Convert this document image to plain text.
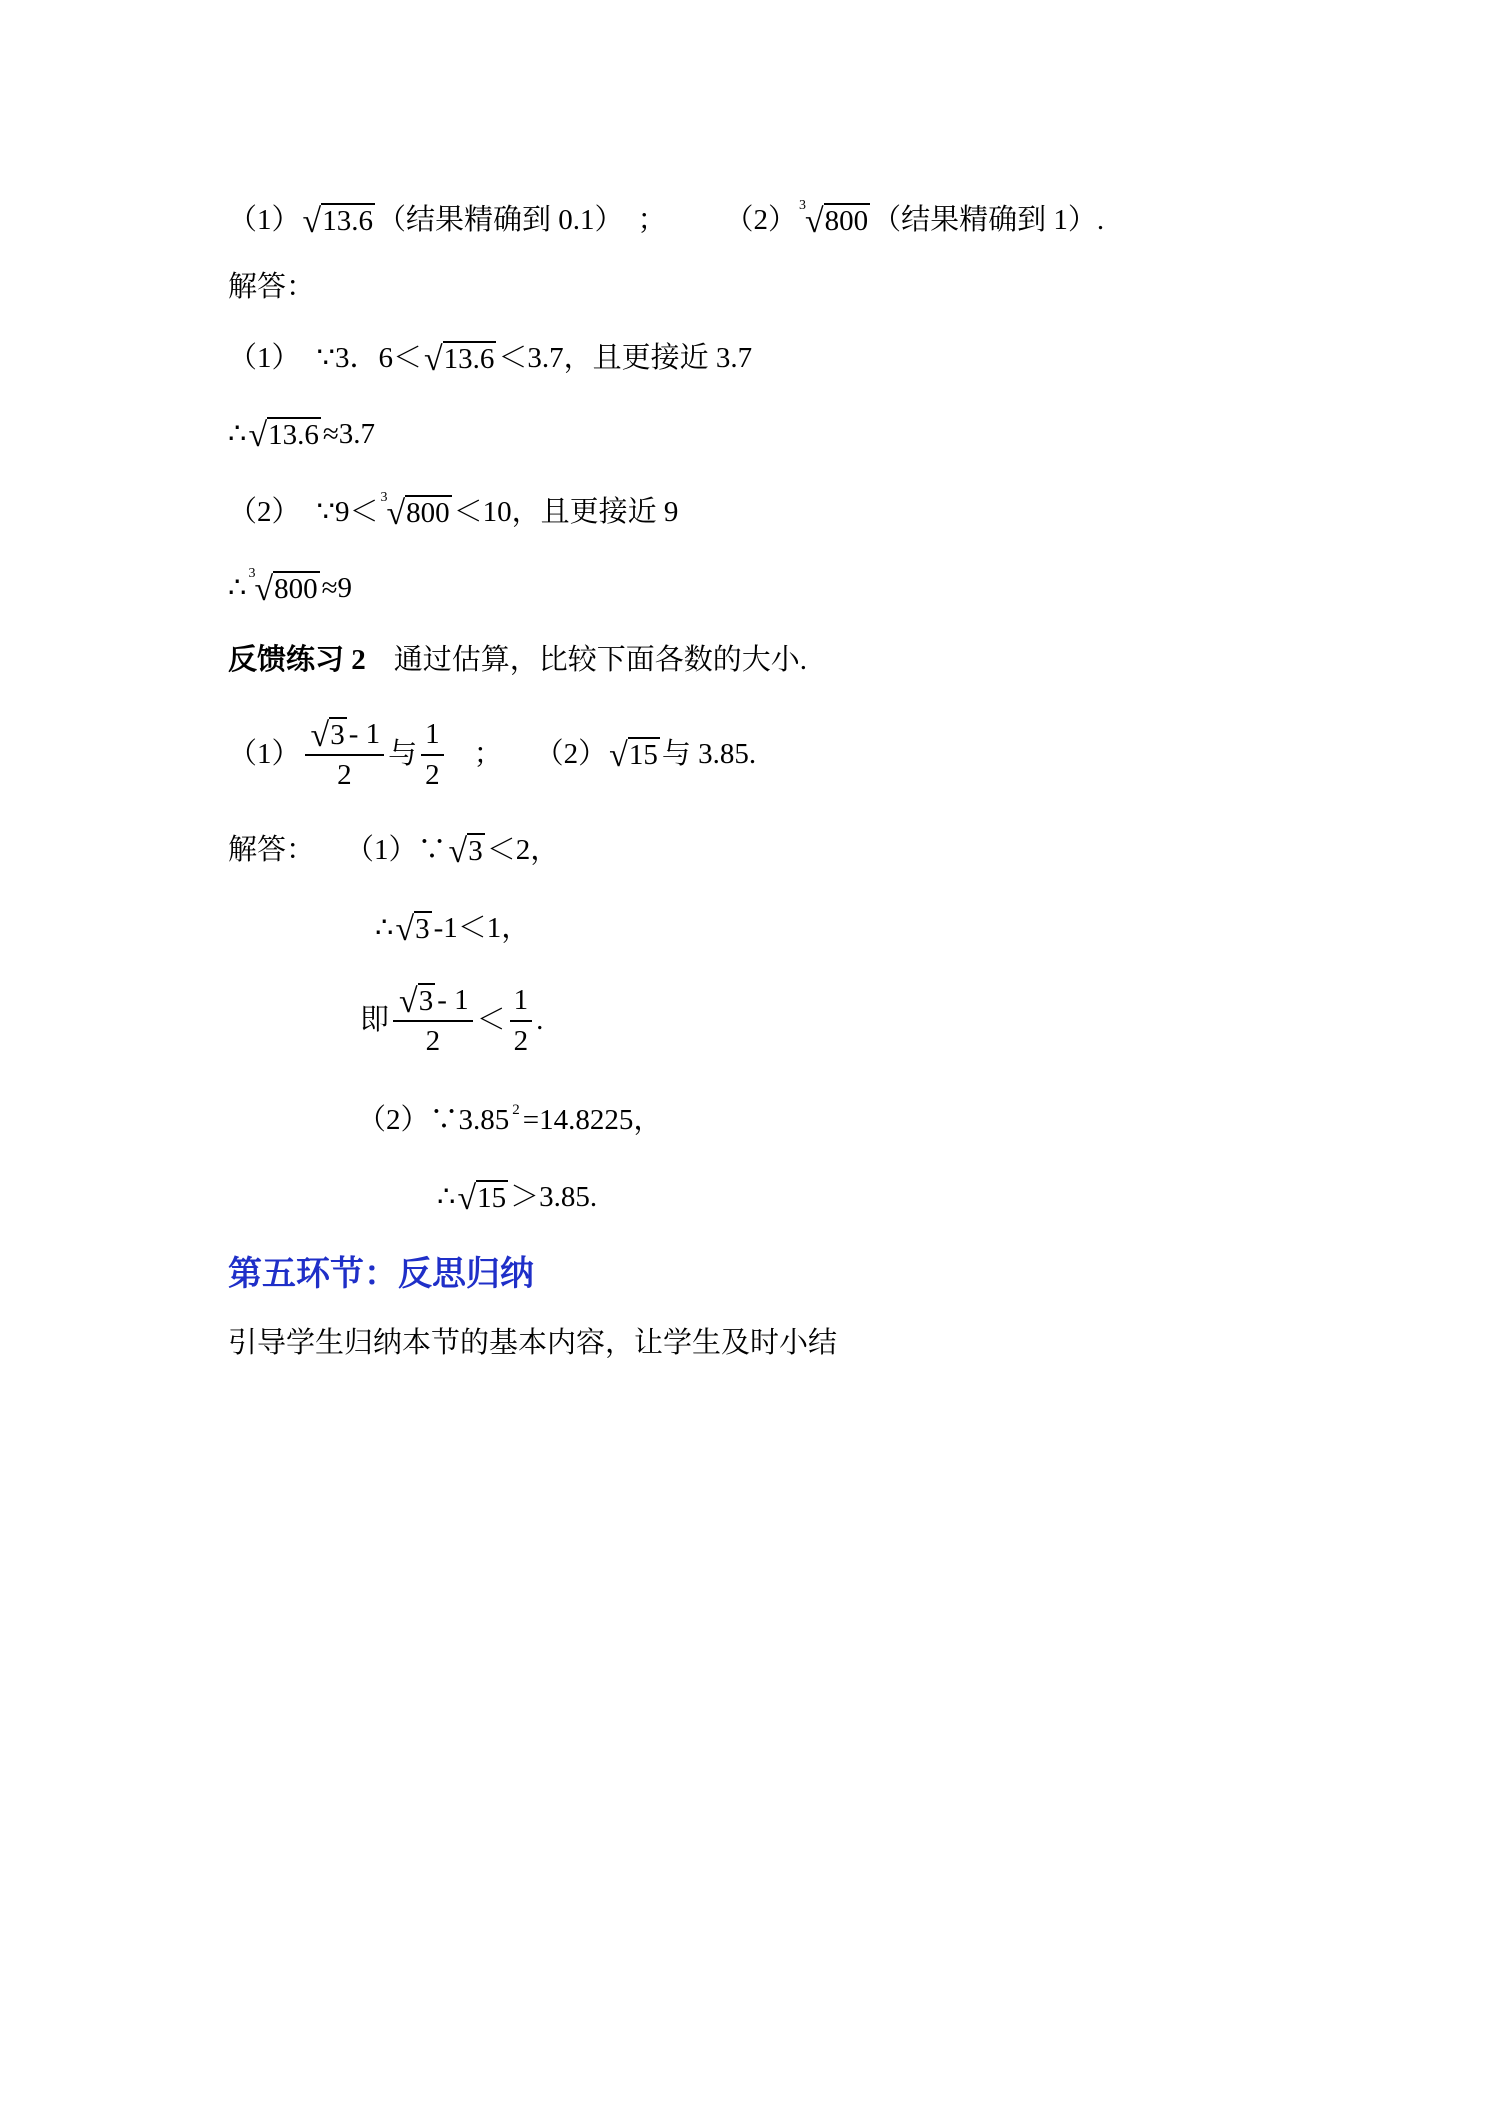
（1） √ 13.6 （结果精确到 0.1） ； （2） 3 √ 800 （结果精确到 1）.
解答：
（1） ∵3．6＜ √ 13.6 ＜3.7，且更接近 3.7
∴ √ 13.6 ≈3.7
（2） ∵9＜ 3 √ 800 ＜10，且更接近 9
∴ 3 √ 800 ≈9
反馈练习 2 通过估算，比较下面各数的大小.
$(1) \frac{√ 3 - 1}{2}$ 与 $\frac{1}{2}$ ； （2） √ 15 与 3.85.
解答： （1）∵ √ 3 ＜2，
∴ √ 3 -1＜1，
即 $\frac{√ 3 - 1}{2} < \frac{1}{2}$ .
（2）∵3.85 2 =14.8225，
∴ √ 15 ＞3.85.
第五环节：反思归纳
引导学生归纳本节的基本内容，让学生及时小结
